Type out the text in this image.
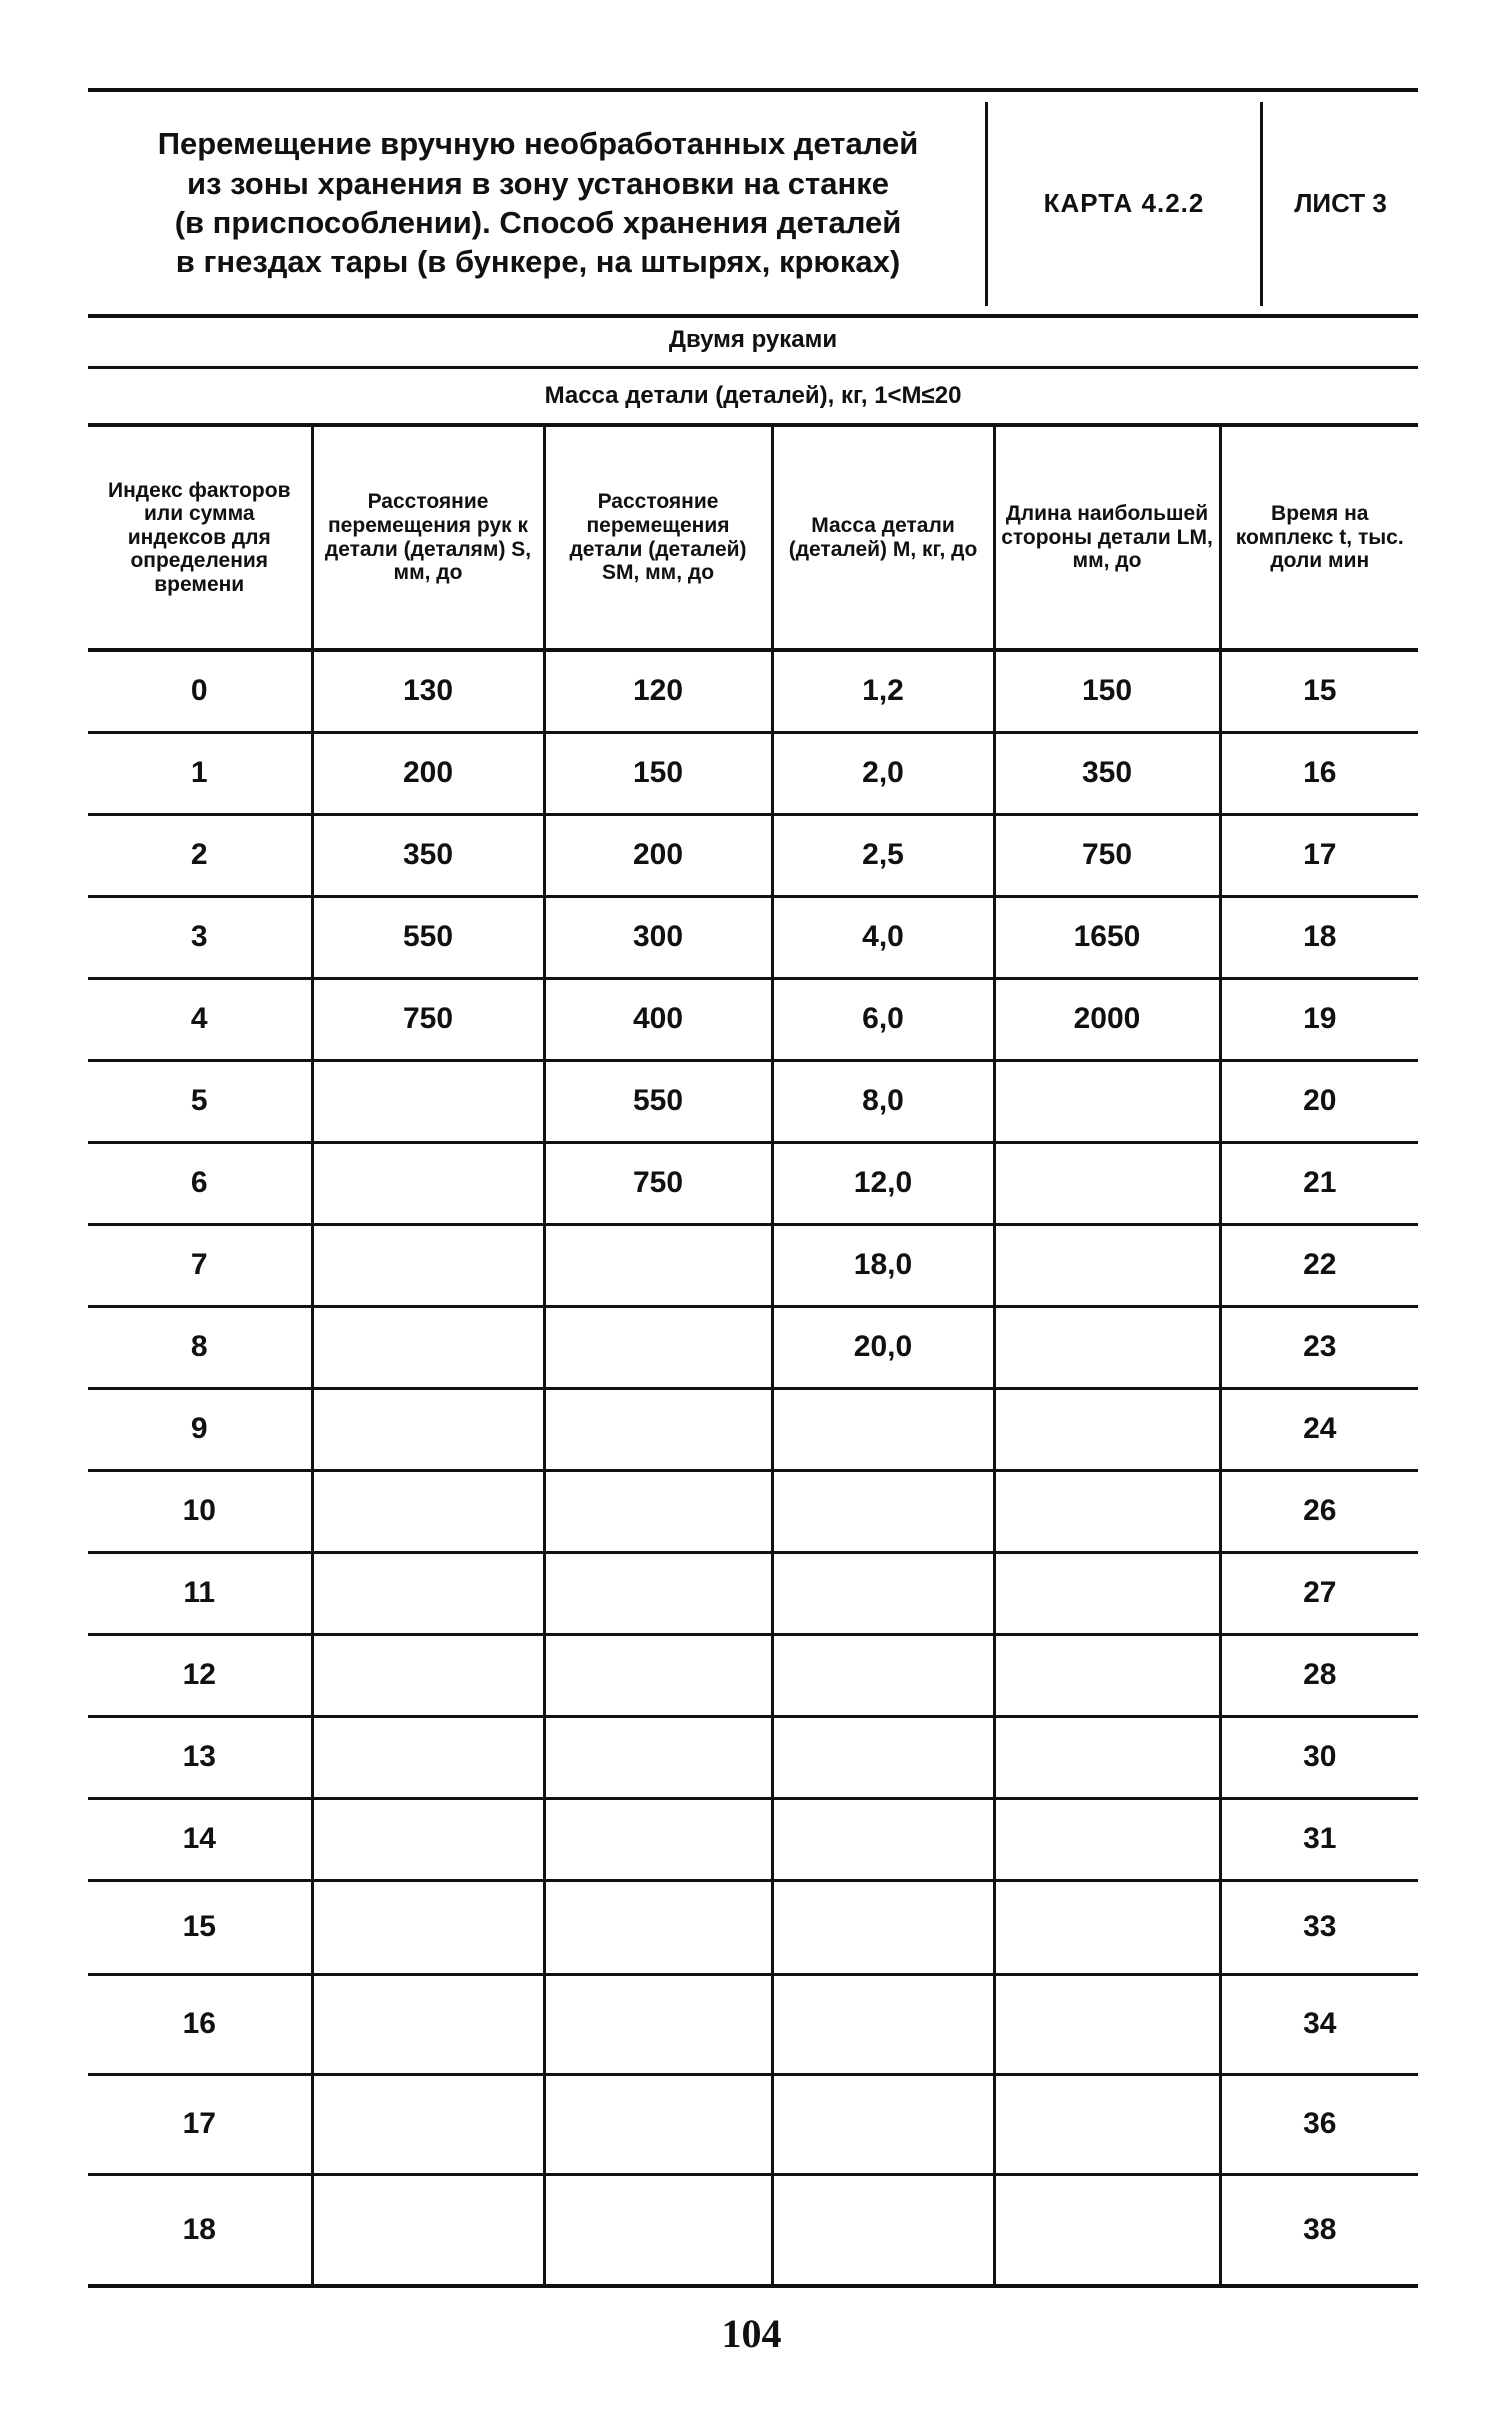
Перемещение вручную необработанных деталей
из зоны хранения в зону установки на станке
(в приспособлении). Способ хранения деталей
в гнездах тары (в бункере, на штырях, крюках)
КАРТА 4.2.2	ЛИСТ 3
Двумя руками
Масса детали (деталей), кг, 1<M≤20
Индекс факторов или сумма индексов для определения времени	Расстояние перемещения рук к детали (деталям) S, мм, до	Расстояние перемещения детали (деталей) SM, мм, до	Масса детали (деталей) M, кг, до	Длина наибольшей стороны детали LM, мм, до	Время на комплекс t, тыс. доли мин
0	130	120	1,2	150	15
1	200	150	2,0	350	16
2	350	200	2,5	750	17
3	550	300	4,0	1650	18
4	750	400	6,0	2000	19
5		550	8,0		20
6		750	12,0		21
7			18,0		22
8			20,0		23
9					24
10					26
11					27
12					28
13					30
14					31
15					33
16					34
17					36
18					38
104
